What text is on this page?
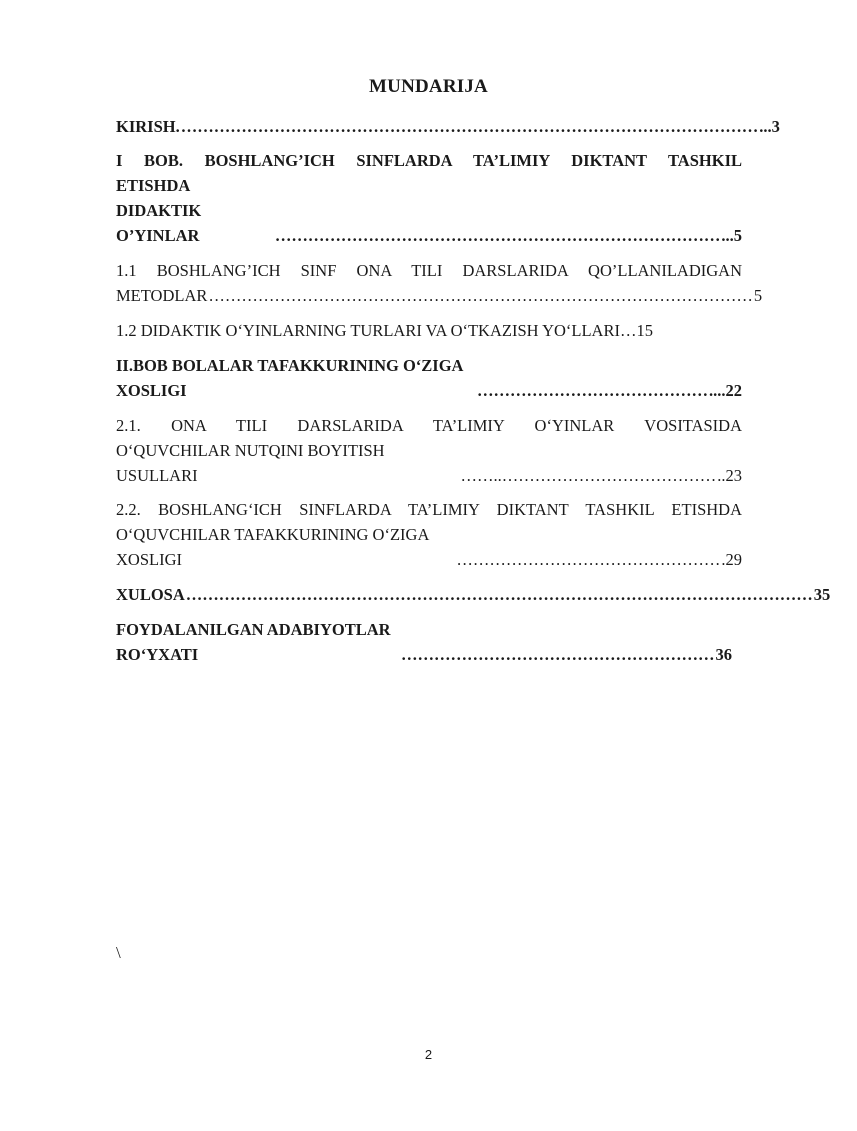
MUNDARIJA
KIRISH. …………………………………………………………………………………………… ...3
I BOB. BOSHLANG’ICH SINFLARDA TA’LIMIY DIKTANT TASHKIL
ETISHDA DIDAKTIK O’YINLAR	……………………………………………………………………… ...5
1.1 BOSHLANG’ICH SINF ONA TILI DARSLARIDA QO’LLANILADIGAN
METODLAR ……………………………………………………………………………………… 5
1.2 DIDAKTIK O‘YINLARNING TURLARI VA O‘TKAZISH YO‘LLARI …15
II.BOB BOLALAR TAFAKKURINING O‘ZIGA XOSLIGI	…………………………………… ....22
2.1. ONA TILI DARSLARIDA TA’LIMIY O‘YINLAR VOSITASIDA
O‘QUVCHILAR NUTQINI BOYITISH USULLARI	……..………………………………… ..23
2.2. BOSHLANG‘ICH SINFLARDA TA’LIMIY DIKTANT TASHKIL ETISHDA
O‘QUVCHILAR TAFAKKURINING O‘ZIGA XOSLIGI	………………………………………… .29
XULOSA …………………………………………………………………………………………………… 35
FOYDALANILGAN ADABIYOTLAR RO‘YXATI	………………………………………………… 36
\
2
